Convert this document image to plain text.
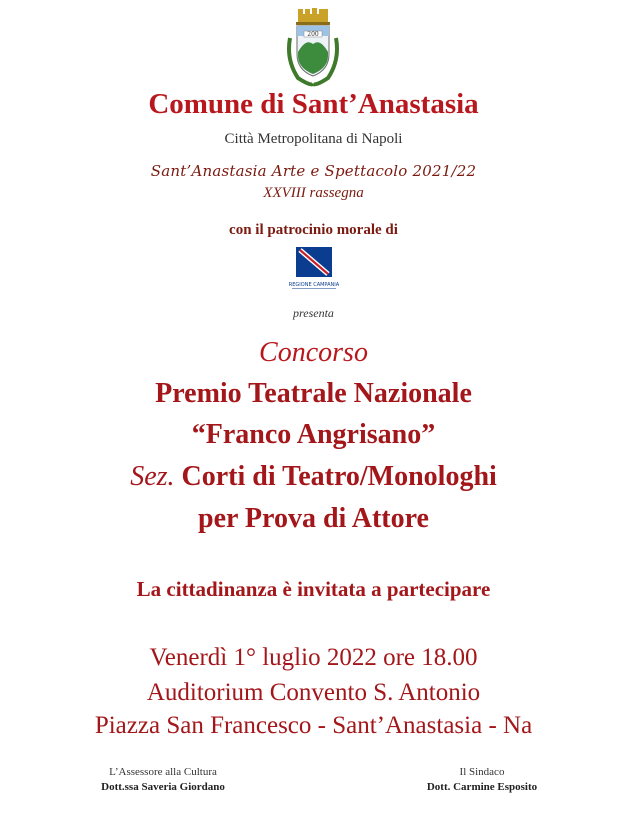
200
Comune di Sant’Anastasia
Città Metropolitana di Napoli
Sant’Anastasia Arte e Spettacolo 2021/22
XXVIII rassegna
con il patrocinio morale di
REGIONE CAMPANIA
presenta
Concorso
Premio Teatrale Nazionale
“Franco Angrisano”
Sez. Corti di Teatro/Monologhi
per Prova di Attore
La cittadinanza è invitata a partecipare
Venerdì 1° luglio 2022 ore 18.00
Auditorium Convento S. Antonio
Piazza San Francesco - Sant’Anastasia - Na
L’Assessore alla Cultura
Dott.ssa Saveria Giordano
Il Sindaco
Dott. Carmine Esposito
